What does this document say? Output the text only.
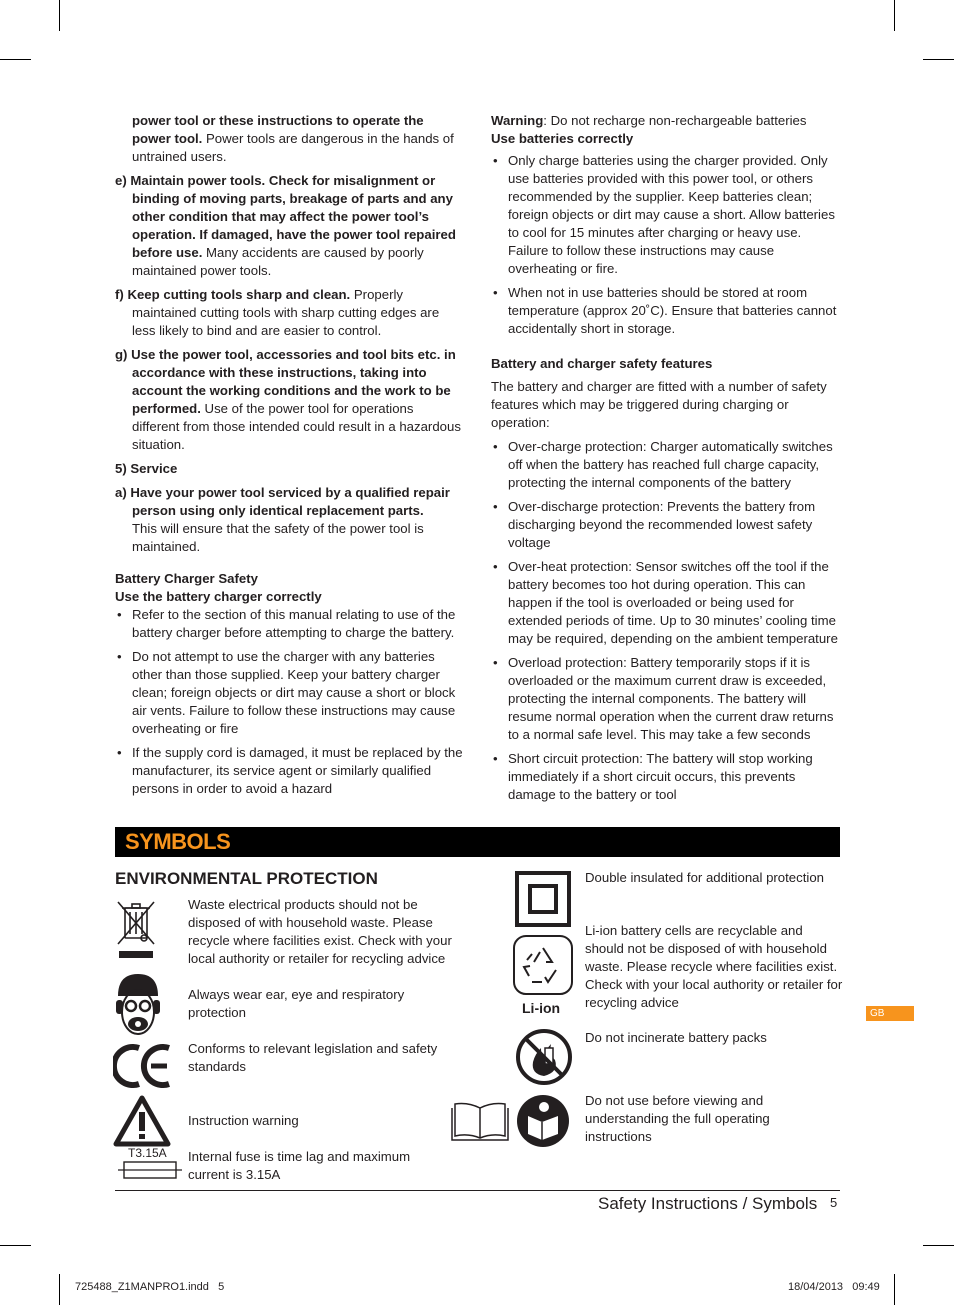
power tool or these instructions to operate the power tool. Power tools are dangerous in the hands of untrained users.

e) Maintain power tools. Check for misalignment or binding of moving parts, breakage of parts and any other condition that may affect the power tool’s operation. If damaged, have the power tool repaired before use. Many accidents are caused by poorly maintained power tools.

f) Keep cutting tools sharp and clean. Properly maintained cutting tools with sharp cutting edges are less likely to bind and are easier to control.

g) Use the power tool, accessories and tool bits etc. in accordance with these instructions, taking into account the working conditions and the work to be performed. Use of the power tool for operations different from those intended could result in a hazardous situation.

5) Service

a) Have your power tool serviced by a qualified repair person using only identical replacement parts.
This will ensure that the safety of the power tool is maintained.

Battery Charger Safety

Use the battery charger correctly

• Refer to the section of this manual relating to use of the battery charger before attempting to charge the battery.
• Do not attempt to use the charger with any batteries other than those supplied. Keep your battery charger clean; foreign objects or dirt may cause a short or block air vents. Failure to follow these instructions may cause overheating or fire
• If the supply cord is damaged, it must be replaced by the manufacturer, its service agent or similarly qualified persons in order to avoid a hazard

Warning: Do not recharge non-rechargeable batteries

Use batteries correctly

• Only charge batteries using the charger provided. Only use batteries provided with this power tool, or others recommended by the supplier. Keep batteries clean; foreign objects or dirt may cause a short. Allow batteries to cool for 15 minutes after charging or heavy use. Failure to follow these instructions may cause overheating or fire.
• When not in use batteries should be stored at room temperature (approx 20˚C). Ensure that batteries cannot accidentally short in storage.

Battery and charger safety features

The battery and charger are fitted with a number of safety features which may be triggered during charging or operation:

• Over-charge protection: Charger automatically switches off when the battery has reached full charge capacity, protecting the internal components of the battery
• Over-discharge protection: Prevents the battery from discharging beyond the recommended lowest safety voltage
• Over-heat protection: Sensor switches off the tool if the battery becomes too hot during operation. This can happen if the tool is overloaded or being used for extended periods of time. Up to 30 minutes’ cooling time may be required, depending on the ambient temperature
• Overload protection: Battery temporarily stops if it is overloaded or the maximum current draw is exceeded, protecting the internal components. The battery will resume normal operation when the current draw returns to a normal safe level. This may take a few seconds
• Short circuit protection: The battery will stop working immediately if a short circuit occurs, this prevents damage to the battery or tool
SYMBOLS
ENVIRONMENTAL PROTECTION
Waste electrical products should not be disposed of with household waste. Please recycle where facilities exist. Check with your local authority or retailer for recycling advice
Always wear ear, eye and respiratory protection
Conforms to relevant legislation and safety standards
Instruction warning
T3.15A Internal fuse is time lag and maximum current is 3.15A
Double insulated for additional protection
Li-ion
Li-ion battery cells are recyclable and should not be disposed of with household waste. Please recycle where facilities exist. Check with your local authority or retailer for recycling advice
Do not incinerate battery packs
Do not use before viewing and understanding the full operating instructions
Safety Instructions / Symbols 5
GB
725488_Z1MANPRO1.indd   5	18/04/2013   09:49
